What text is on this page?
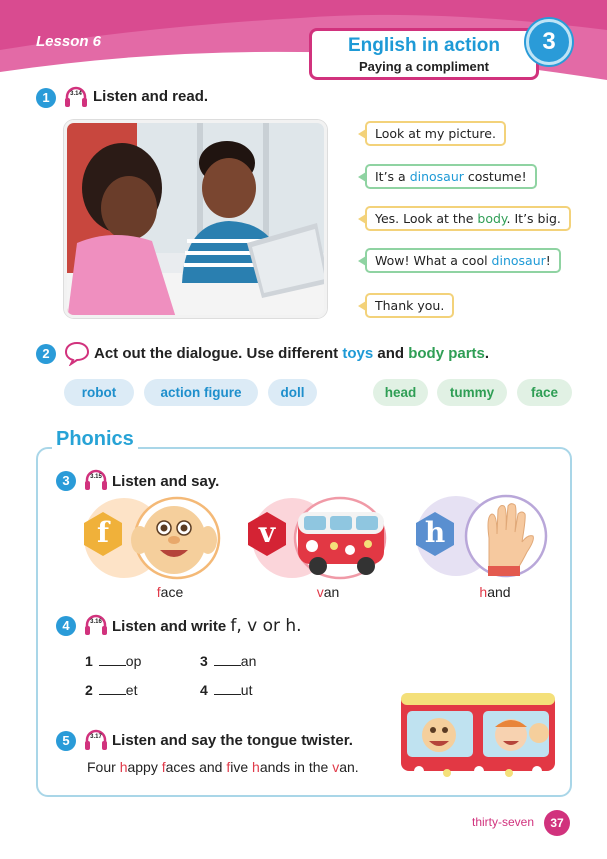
Lesson 6	English in action
Paying a compliment
3
1	3.14 Listen and read.
Look at my picture.
It’s a dinosaur costume!
Yes. Look at the body. It’s big.
Wow! What a cool dinosaur!
Thank you.
2	Act out the dialogue. Use different toys and body parts.
robot	action figure	doll	head	tummy	face
Phonics
3	3.15 Listen and say.
f
face
v
van
h
hand
4	3.16 Listen and write f, v or h.
1 op
2 et
3 an
4 ut
5	3.17 Listen and say the tongue twister.
Four happy faces and five hands in the van.
thirty-seven	37
